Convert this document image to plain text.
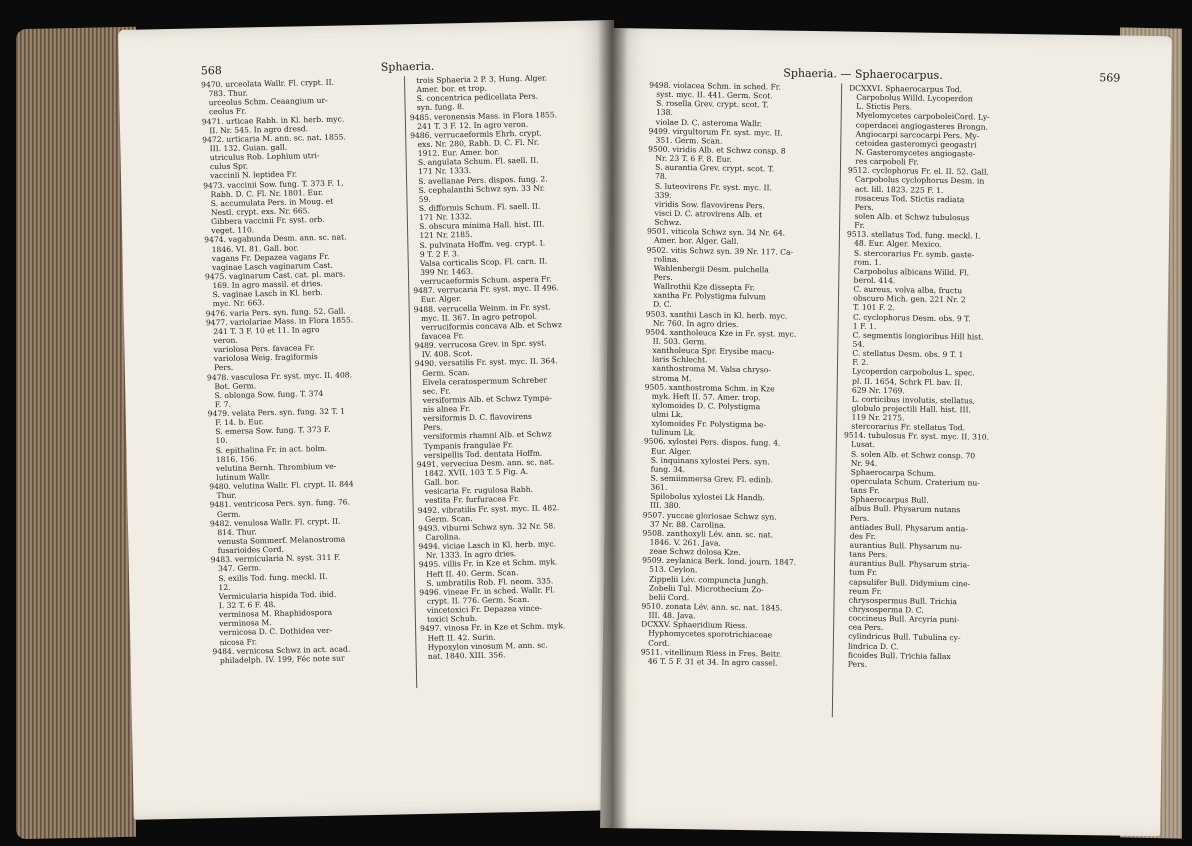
568	Sphaeria.
9470. urceolata Wallr. Fl. crypt. II.
783. Thur.
urceolus Schm. Ceaangium ur-
ceolus Fr.
9471. urticae Rabh. in Kl. herb. myc.
II. Nr. 545. In agro dresd.
9472. urticaria M. ann. sc. nat. 1855.
III. 132. Guian. gall.
utriculus Rob. Lophium utri-
culus Spr.
vaccinii N. leptidea Fr.
9473. vaccinii Sow. fung. T. 373 F. 1,
Rabh. D. C. Fl. Nr. 1801. Eur.
S. accumulata Pers. in Moug. et
Nestl. crypt. exs. Nr. 665.
Gibbera vaccinii Fr. syst. orb.
veget. 110.
9474. vagabunda Desm. ann. sc. nat.
1846. VI. 81. Gall. bor.
vagans Fr. Depazea vagans Fr.
vaginae Lasch vaginarum Cast.
9475. vaginarum Cast. cat. pl. mars.
169. In agro massil. et dries.
S. vaginae Lasch in Kl. herb.
myc. Nr. 663.
9476. varia Pers. syn. fung. 52. Gall.
9477. variolariae Mass. in Flora 1855.
241 T. 3 F. 10 et 11. In agro
veron.
variolosa Pers. favacea Fr.
variolosa Weig. fragiformis
Pers.
9478. vasculosa Fr. syst. myc. II. 408.
Bot. Germ.
S. oblonga Sow. fung. T. 374
F. 7.
9479. velata Pers. syn. fung. 32 T. 1
F. 14. b. Eur.
S. emersa Sow. fung. T. 373 F.
10.
S. epithalina Fr. in act. holm.
1816. 156.
velutina Bernh. Thrombium ve-
lutinum Wallr.
9480. velutina Wallr. Fl. crypt. II. 844
Thur.
9481. ventricosa Pers. syn. fung. 76.
Germ.
9482. venulosa Wallr. Fl. crypt. II.
814. Thur.
venusta Sommerf. Melanostroma
fusarioides Cord.
9483. vermicularia N. syst. 311 F.
347. Germ.
S. exilis Tod. fung. meckl. II.
12.
Vermicularia hispida Tod. ibid.
I. 32 T. 6 F. 48.
verminosa M. Rhaphidospora
verminosa M.
vernicosa D. C. Dothidea ver-
nicosa Fr.
9484. vernicosa Schwz in act. acad.
philadelph. IV. 199, Féc note sur
trois Sphaeria 2 P. 3, Hung. Alger.
Amer. bor. et trop.
S. concentrica pedicellata Pers.
syn. fung. 8.
9485. veronensis Mass. in Flora 1855.
241 T. 3 F. 12. In agro veron.
9486. verrucaeformis Ehrh. crypt.
exs. Nr. 280, Rabh. D. C. Fl. Nr.
1912. Eur. Amer. bor.
S. angulata Schum. Fl. saell. II.
171 Nr. 1333.
S. avellanae Pers. dispos. fung. 2.
S. cephalanthi Schwz syn. 33 Nr.
59.
S. difformis Schum. Fl. saell. II.
171 Nr. 1332.
S. obscura minima Hall. hist. III.
121 Nr. 2185.
S. pulvinata Hoffm. veg. crypt. I.
9 T. 2 F. 3.
Valsa corticalis Scop. Fl. carn. II.
399 Nr. 1463.
verrucaeformis Schum. aspera Fr.
9487. verrucaria Fr. syst. myc. II 496.
Eur. Alger.
9488. verrucella Weinm. in Fr. syst.
myc. II. 367. In agro petropol.
verruciformis concava Alb. et Schwz
favacea Fr.
9489. verrucosa Grev. in Spr. syst.
IV. 408. Scot.
9490. versatilis Fr. syst. myc. II. 364.
Germ. Scan.
Elvela ceratospermum Schreber
sec. Fr.
versiformis Alb. et Schwz Tympa-
nis alnea Fr.
versiformis D. C. flavovirens
Pers.
versiformis rhamni Alb. et Schwz
Tympanis frangulae Fr.
versipellis Tod. dentata Hoffm.
9491. verveciua Desm. ann. sc. nat.
1842. XVII. 103 T. 5 Fig. A.
Gall. bor.
vesicaria Fr. rugulosa Rabh.
vestita Fr. furfuracea Fr.
9492. vibratilis Fr. syst. myc. II. 482.
Germ. Scan.
9493. viburni Schwz syn. 32 Nr. 58.
Carolina.
9494. viciae Lasch in Kl. herb. myc.
Nr. 1333. In agro dries.
9495. villis Fr. in Kze et Schm. myk.
Heft II. 40. Germ. Scan.
S. umbratilis Rob. Fl. neom. 335.
9496. vineae Fr. in sched. Wallr. Fl.
crypt. II. 776. Germ. Scan.
vincetoxici Fr. Depazea vince-
toxici Schub.
9497. vinosa Fr. in Kze et Schm. myk.
Heft II. 42. Surin.
Hypoxylon vinosum M. ann. sc.
nat. 1840. XIII. 356.
Sphaeria. — Sphaerocarpus.	569
9498. violacea Schm. in sched. Fr.
syst. myc. II. 441. Germ. Scot.
S. rosella Grev. crypt. scot. T.
138.
violae D. C. asteroma Wallr.
9499. virgultorum Fr. syst. myc. II.
351. Germ. Scan.
9500. viridis Alb. et Schwz consp. 8
Nr. 23 T. 6 F. 8. Eur.
S. aurantia Grev. crypt. scot. T.
78.
S. luteovirens Fr. syst. myc. II.
339.
viridis Sow. flavovirens Pers.
visci D. C. atrovirens Alb. et
Schwz.
9501. viticola Schwz syn. 34 Nr. 64.
Amer. bor. Alger. Gall.
9502. vitis Schwz syn. 39 Nr. 117. Ca-
rolina.
Wahlenbergii Desm. pulchella
Pers.
Wallrothii Kze dissepta Fr.
xantha Fr. Polystigma fulvum
D. C.
9503. xanthii Lasch in Kl. herb. myc.
Nr. 760. In agro dries.
9504. xantholeuca Kze in Fr. syst. myc.
II. 503. Germ.
xantholeuca Spr. Erysibe macu-
laris Schlecht.
xanthostroma M. Valsa chryso-
stroma M.
9505. xanthostroma Schm. in Kze
myk. Heft II. 57. Amer. trop.
xylomoides D. C. Polystigma
ulmi Lk.
xylomoides Fr. Polystigma be-
tulinum Lk.
9506. xylostei Pers. dispos. fung. 4.
Eur. Alger.
S. inquinans xylostei Pers. syn.
fung. 34.
S. semiimmersa Grev. Fl. edinb.
361.
Spilobolus xylostei Lk Handb.
III. 380.
9507. yuccae gloriosae Schwz syn.
37 Nr. 88. Carolina.
9508. zanthoxyli Lév. ann. sc. nat.
1846. V. 261. Java.
zeae Schwz dolosa Kze.
9509. zeylanica Berk. lond. journ. 1847.
513. Ceylon.
Zippelii Lév. compuncta Jungh.
Zobelii Tul. Microthecium Zo-
belii Cord.
9510. zonata Lév. ann. sc. nat. 1845.
III. 48. Java.
DCXXV. Sphaeridium Riess.
Hyphomycetes sporotrichiaceae
Cord.
9511. vitellinum Riess in Fres. Beitr.
46 T. 5 F. 31 et 34. In agro cassel.
DCXXVI. Sphaerocarpus Tod.
Carpobolus Willd. Lycoperdon
L. Stictis Pers.
Myelomycetes carpoboleiCord. Ly-
coperdacei angiogasteres Brongn.
Angiocarpi sarcocarpi Pers. My-
cetoidea gasteromyci geogastri
N. Gasteromycetes angiogaste-
res carpoboli Fr.
9512. cyclophorus Fr. el. II. 52. Gall.
Carpobolus cyclophorus Desm. in
act. lill. 1823. 225 F. 1.
rosaceus Tod. Stictis radiata
Pers.
solen Alb. et Schwz tubulosus
Fr.
9513. stellatus Tod. fung. meckl. I.
48. Eur. Alger. Mexico.
S. stercorarius Fr. symb. gaste-
rom. 1.
Carpobolus albicans Willd. Fl.
berol. 414.
C. aureus, volva alba, fructu
obscuro Mich. gen. 221 Nr. 2
T. 101 F. 2.
C. cyclophorus Desm. obs. 9 T.
1 F. 1.
C. segmentis longioribus Hill hist.
54.
C. stellatus Desm. obs. 9 T. 1
F. 2.
Lycoperdon carpobolus L. spec.
pl. II. 1654, Schrk Fl. bav. II.
629 Nr. 1769.
L. corticibus involutis, stellatus,
globulo projectili Hall. hist. III.
119 Nr. 2175.
stercorarius Fr. stellatus Tod.
9514. tubulosus Fr. syst. myc. II. 310.
Lusat.
S. solen Alb. et Schwz consp. 70
Nr. 94.
Sphaerocarpa Schum.
operculata Schum. Craterium nu-
tans Fr.
Sphaerocarpus Bull.
albus Bull. Physarum nutans
Pers.
antiades Bull. Physarum antia-
des Fr.
aurantius Bull. Physarum nu-
tans Pers.
aurantius Bull. Physarum stria-
tum Fr.
capsulifer Bull. Didymium cine-
reum Fr.
chrysospermus Bull. Trichia
chrysosperma D. C.
coccineus Bull. Arcyria puni-
cea Pers.
cylindricus Bull. Tubulina cy-
lindrica D. C.
ficoides Bull. Trichia fallax
Pers.
